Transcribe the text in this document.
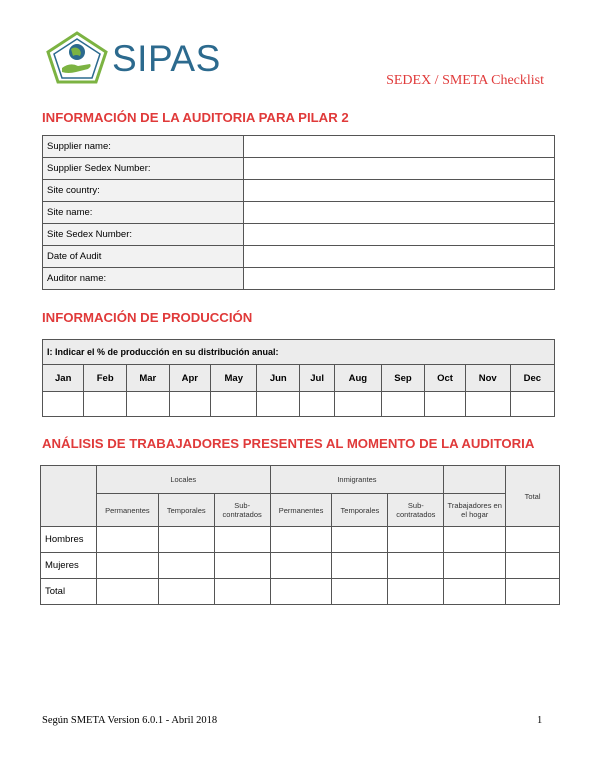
SIPAS
SEDEX / SMETA Checklist
INFORMACIÓN DE LA AUDITORIA PARA PILAR 2
Supplier name:	
Supplier Sedex Number:	
Site country:	
Site name:	
Site Sedex Number:	
Date of Audit	
Auditor name:	
INFORMACIÓN DE PRODUCCIÓN
I: Indicar el % de producción en su distribución anual:											
Jan	Feb	Mar	Apr	May	Jun	Jul	Aug	Sep	Oct	Nov	Dec

ANÁLISIS DE TRABAJADORES PRESENTES AL MOMENTO DE LA AUDITORIA
	Locales			Inmigrantes				Total
	Permanentes	Temporales	Sub-contratados	Permanentes	Temporales	Sub-contratados	Trabajadores en el hogar	
Hombres								
Mujeres								
Total								
Según SMETA Version 6.0.1 - Abril 2018	1
